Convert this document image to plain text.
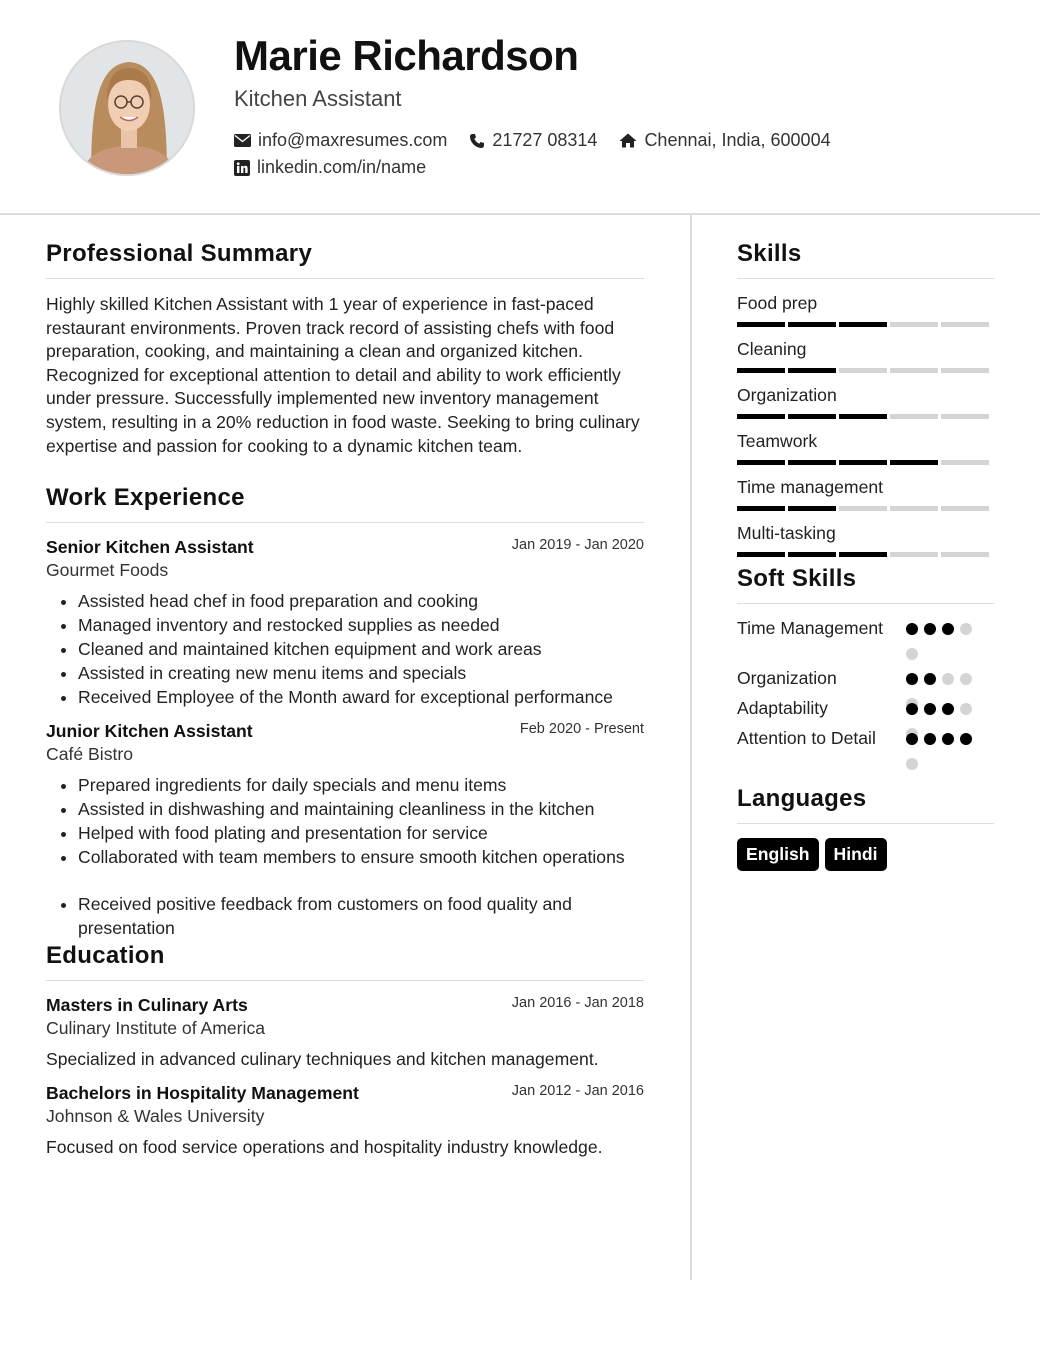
Marie Richardson
Kitchen Assistant
info@maxresumes.com	21727 08314	Chennai, India, 600004
linkedin.com/in/name
Professional Summary

Highly skilled Kitchen Assistant with 1 year of experience in fast-paced restaurant environments. Proven track record of assisting chefs with food preparation, cooking, and maintaining a clean and organized kitchen. Recognized for exceptional attention to detail and ability to work efficiently under pressure. Successfully implemented new inventory management system, resulting in a 20% reduction in food waste. Seeking to bring culinary expertise and passion for cooking to a dynamic kitchen team.

Work Experience
Senior Kitchen Assistant	Jan 2019 - Jan 2020
Gourmet Foods
• Assisted head chef in food preparation and cooking
• Managed inventory and restocked supplies as needed
• Cleaned and maintained kitchen equipment and work areas
• Assisted in creating new menu items and specials
• Received Employee of the Month award for exceptional performance
Junior Kitchen Assistant	Feb 2020 - Present
Café Bistro
• Prepared ingredients for daily specials and menu items
• Assisted in dishwashing and maintaining cleanliness in the kitchen
• Helped with food plating and presentation for service
• Collaborated with team members to ensure smooth kitchen operations
• Received positive feedback from customers on food quality and presentation
Education
Masters in Culinary Arts	Jan 2016 - Jan 2018
Culinary Institute of America
Specialized in advanced culinary techniques and kitchen management.
Bachelors in Hospitality Management	Jan 2012 - Jan 2016
Johnson & Wales University
Focused on food service operations and hospitality industry knowledge.
Skills
Food prep
Cleaning
Organization
Teamwork
Time management
Multi-tasking
Soft Skills
Time Management
Organization
Adaptability
Attention to Detail
Languages
English	Hindi
